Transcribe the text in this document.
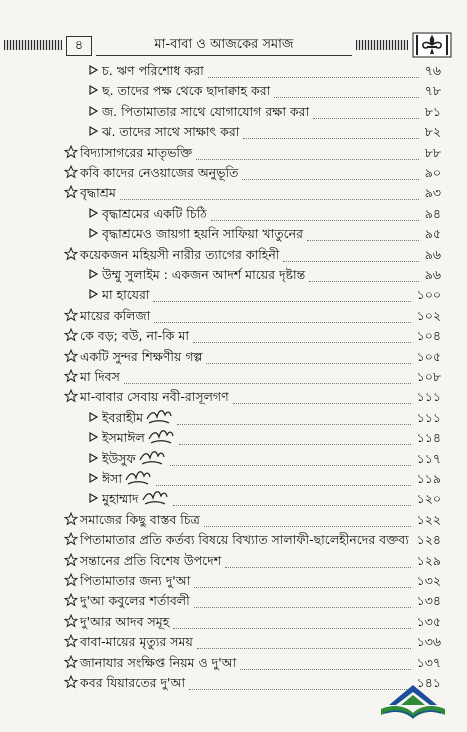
৪	মা-বাবা ও আজকের সমাজ
চ. ঋণ পরিশোধ করা	৭৬
ছ. তাদের পক্ষ থেকে ছাদাক্বাহ করা	৭৮
জ. পিতামাতার সাথে যোগাযোগ রক্ষা করা	৮১
ঝ. তাদের সাথে সাক্ষাৎ করা	৮২
বিদ্যাসাগরের মাতৃভক্তি	৮৮
কবি কাদের নেওয়াজের অনুভূতি	৯০
বৃদ্ধাশ্রম	৯৩
বৃদ্ধাশ্রমের একটি চিঠি	৯৪
বৃদ্ধাশ্রমেও জায়গা হয়নি সাফিয়া খাতুনের	৯৫
কয়েকজন মহিয়সী নারীর ত্যাগের কাহিনী	৯৬
উম্মু সুলাইম : একজন আদর্শ মায়ের দৃষ্টান্ত	৯৬
মা হাযেরা	১০০
মায়ের কলিজা	১০২
কে বড়; বউ, না-কি মা	১০৪
একটি সুন্দর শিক্ষণীয় গল্প	১০৫
মা দিবস	১০৮
মা-বাবার সেবায় নবী-রাসূলগণ	১১১
ইবরাহীম	১১১
ইসমাঈল	১১৪
ইউসুফ	১১৭
ঈসা	১১৯
মুহাম্মাদ	১২০
সমাজের কিছু বাস্তব চিত্র	১২২
পিতামাতার প্রতি কর্তব্য বিষয়ে বিখ্যাত সালাফী-ছালেহীনদের বক্তব্য ১২৪
সন্তানের প্রতি বিশেষ উপদেশ	১২৯
পিতামাতার জন্য দু'আ	১৩২
দু'আ কবুলের শর্তাবলী	১৩৪
দু'আর আদব সমূহ	১৩৫
বাবা-মায়ের মৃত্যুর সময়	১৩৬
জানাযার সংক্ষিপ্ত নিয়ম ও দু'আ	১৩৭
কবর যিয়ারতের দু'আ	১৪১
